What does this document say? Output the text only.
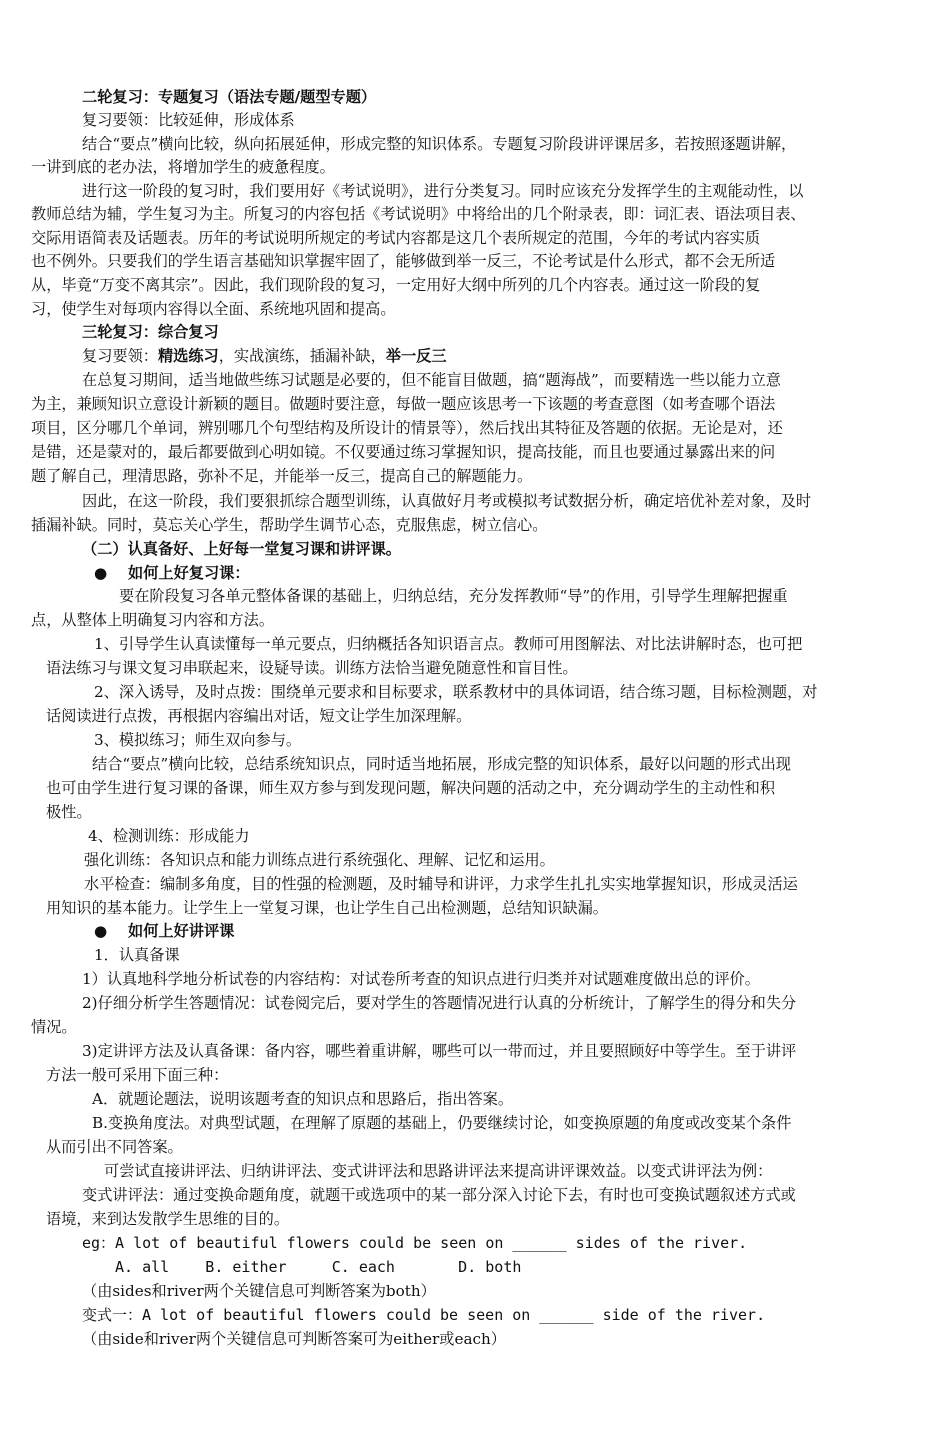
二轮复习：专题复习（语法专题/题型专题）
复习要领：比较延伸，形成体系
结合“要点”横向比较，纵向拓展延伸，形成完整的知识体系。专题复习阶段讲评课居多，若按照逐题讲解，
一讲到底的老办法，将增加学生的疲惫程度。
进行这一阶段的复习时，我们要用好《考试说明》，进行分类复习。同时应该充分发挥学生的主观能动性，以
教师总结为辅，学生复习为主。所复习的内容包括《考试说明》中将给出的几个附录表，即：词汇表、语法项目表、
交际用语简表及话题表。历年的考试说明所规定的考试内容都是这几个表所规定的范围，今年的考试内容实质
也不例外。只要我们的学生语言基础知识掌握牢固了，能够做到举一反三，不论考试是什么形式，都不会无所适
从，毕竟“万变不离其宗”。因此，我们现阶段的复习，一定用好大纲中所列的几个内容表。通过这一阶段的复
习，使学生对每项内容得以全面、系统地巩固和提高。
三轮复习：综合复习
复习要领：精选练习，实战演练，插漏补缺，举一反三
在总复习期间，适当地做些练习试题是必要的，但不能盲目做题，搞“题海战”，而要精选一些以能力立意
为主，兼顾知识立意设计新颖的题目。做题时要注意，每做一题应该思考一下该题的考查意图（如考查哪个语法
项目，区分哪几个单词，辨别哪几个句型结构及所设计的情景等），然后找出其特征及答题的依据。无论是对，还
是错，还是蒙对的，最后都要做到心明如镜。不仅要通过练习掌握知识，提高技能，而且也要通过暴露出来的问
题了解自己，理清思路，弥补不足，并能举一反三，提高自己的解题能力。
因此，在这一阶段，我们要狠抓综合题型训练，认真做好月考或模拟考试数据分析，确定培优补差对象，及时
插漏补缺。同时，莫忘关心学生，帮助学生调节心态，克服焦虑，树立信心。
（二）认真备好、上好每一堂复习课和讲评课。
● 如何上好复习课：
要在阶段复习各单元整体备课的基础上，归纳总结，充分发挥教师“导”的作用，引导学生理解把握重
点，从整体上明确复习内容和方法。
1、引导学生认真读懂每一单元要点，归纳概括各知识语言点。教师可用图解法、对比法讲解时态，也可把
语法练习与课文复习串联起来，设疑导读。训练方法恰当避免随意性和盲目性。
2、深入诱导，及时点拨：围绕单元要求和目标要求，联系教材中的具体词语，结合练习题，目标检测题，对
话阅读进行点拨，再根据内容编出对话，短文让学生加深理解。
3、模拟练习；师生双向参与。
结合“要点”横向比较，总结系统知识点，同时适当地拓展，形成完整的知识体系，最好以问题的形式出现
也可由学生进行复习课的备课，师生双方参与到发现问题，解决问题的活动之中，充分调动学生的主动性和积
极性。
4、检测训练：形成能力
强化训练：各知识点和能力训练点进行系统强化、理解、记忆和运用。
水平检查：编制多角度，目的性强的检测题，及时辅导和讲评，力求学生扎扎实实地掌握知识，形成灵活运
用知识的基本能力。让学生上一堂复习课，也让学生自己出检测题，总结知识缺漏。
● 如何上好讲评课
1．认真备课
1）认真地科学地分析试卷的内容结构：对试卷所考查的知识点进行归类并对试题难度做出总的评价。
2)仔细分析学生答题情况：试卷阅完后，要对学生的答题情况进行认真的分析统计，了解学生的得分和失分
情况。
3)定讲评方法及认真备课：备内容，哪些着重讲解，哪些可以一带而过，并且要照顾好中等学生。至于讲评
方法一般可采用下面三种：
A．就题论题法，说明该题考查的知识点和思路后，指出答案。
B.变换角度法。对典型试题，在理解了原题的基础上，仍要继续讨论，如变换原题的角度或改变某个条件
从而引出不同答案。
可尝试直接讲评法、归纳讲评法、变式讲评法和思路讲评法来提高讲评课效益。以变式讲评法为例：
变式讲评法：通过变换命题角度，就题干或选项中的某一部分深入讨论下去，有时也可变换试题叙述方式或
语境，来到达发散学生思维的目的。
eg：A lot of beautiful flowers could be seen on ______ sides of the river.
A. all    B. either     C. each       D. both
（由sides和river两个关键信息可判断答案为both）
变式一：A lot of beautiful flowers could be seen on ______ side of the river.
（由side和river两个关键信息可判断答案可为either或each）
